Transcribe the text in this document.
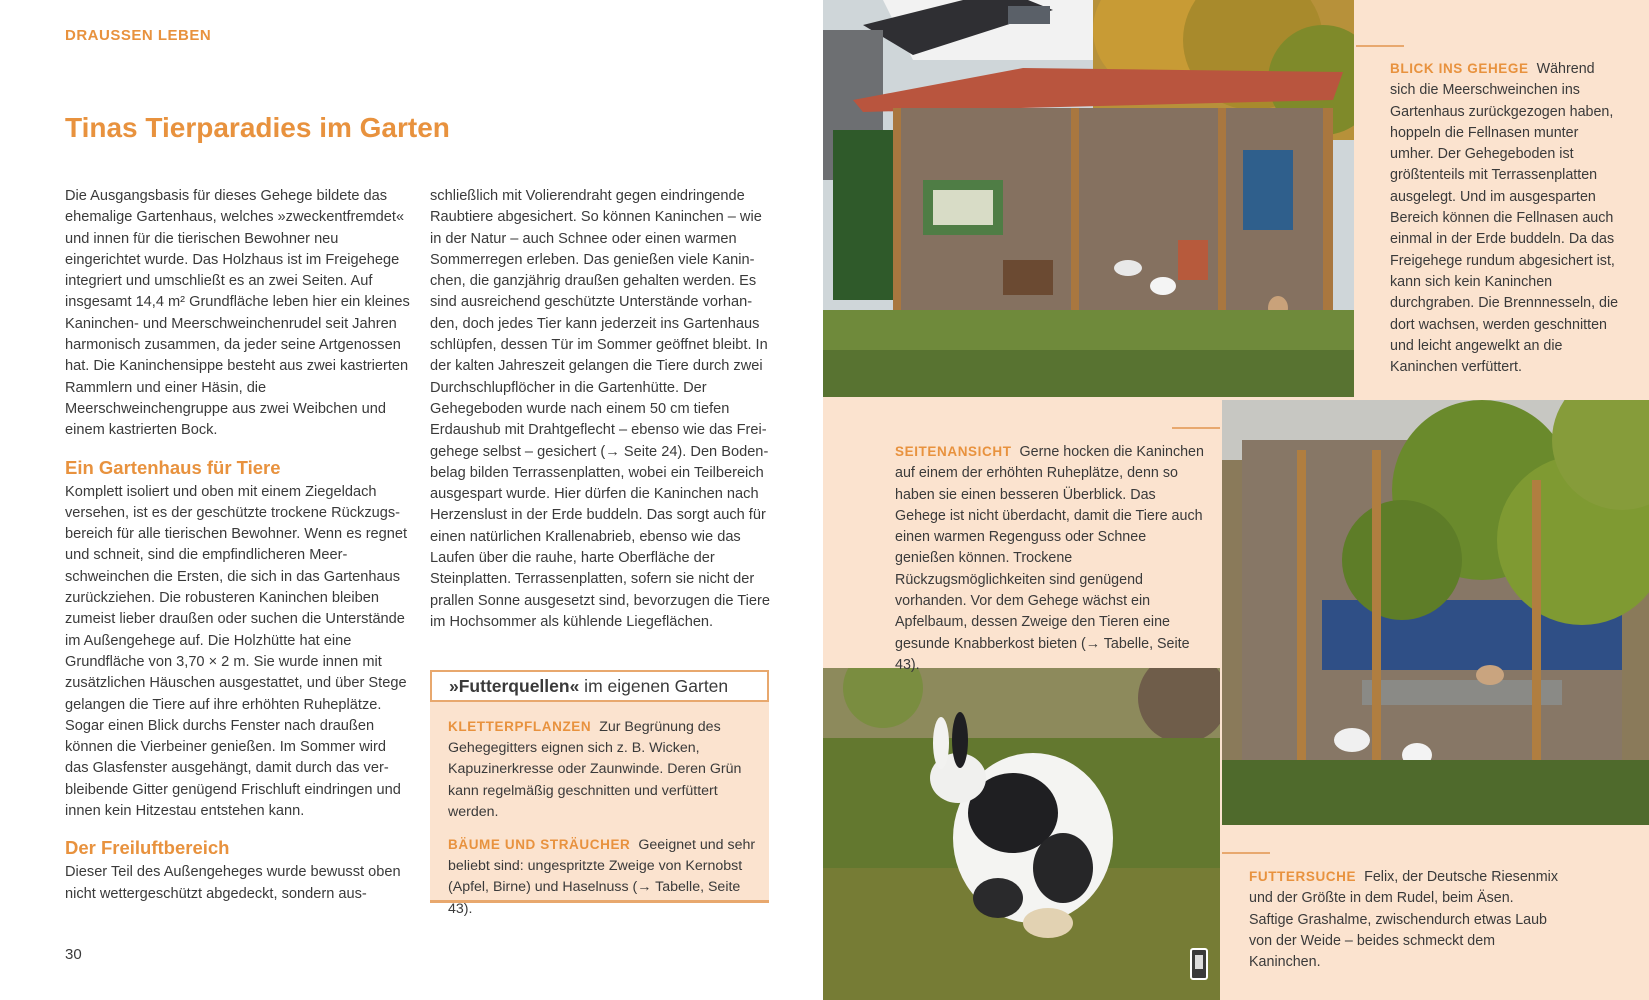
DRAUSSEN LEBEN
Tinas Tierparadies im Garten

Die Ausgangsbasis für dieses Gehege bildete das ehemalige Gartenhaus, welches »zweckentfremdet« und innen für die tierischen Bewohner neu eingerichtet wurde. Das Holzhaus ist im Freigehege integriert und umschließt es an zwei Seiten. Auf insgesamt 14,4 m² Grundfläche leben hier ein kleines Kaninchen- und Meerschweinchenrudel seit Jahren harmonisch zusammen, da jeder seine Artgenossen hat. Die Kaninchensippe besteht aus zwei kastrierten Rammlern und einer Häsin, die Meerschweinchengruppe aus zwei Weibchen und einem kastrierten Bock.

Ein Gartenhaus für Tiere

Komplett isoliert und oben mit einem Ziegeldach versehen, ist es der geschützte trockene Rückzugsbereich für alle tierischen Bewohner. Wenn es regnet und schneit, sind die empfindlicheren Meerschweinchen die Ersten, die sich in das Gartenhaus zurückziehen. Die robusteren Kaninchen bleiben zumeist lieber draußen oder suchen die Unterstände im Außengehege auf. Die Holzhütte hat eine Grundfläche von 3,70 × 2 m. Sie wurde innen mit zusätzlichen Häuschen ausgestattet, und über Stege gelangen die Tiere auf ihre erhöhten Ruheplätze. Sogar einen Blick durchs Fenster nach draußen können die Vierbeiner genießen. Im Sommer wird das Glasfenster ausgehängt, damit durch das verbleibende Gitter genügend Frischluft eindringen und innen kein Hitzestau entstehen kann.

Der Freiluftbereich

Dieser Teil des Außengeheges wurde bewusst oben nicht wettergeschützt abgedeckt, sondern aus-

schließlich mit Volierendraht gegen eindringende Raubtiere abgesichert. So können Kaninchen – wie in der Natur – auch Schnee oder einen warmen Sommerregen erleben. Das genießen viele Kaninchen, die ganzjährig draußen gehalten werden. Es sind ausreichend geschützte Unterstände vorhanden, doch jedes Tier kann jederzeit ins Gartenhaus schlüpfen, dessen Tür im Sommer geöffnet bleibt. In der kalten Jahreszeit gelangen die Tiere durch zwei Durchschlupflöcher in die Gartenhütte. Der Gehegeboden wurde nach einem 50 cm tiefen Erdaushub mit Drahtgeflecht – ebenso wie das Freigehege selbst – gesichert (→ Seite 24). Den Bodenbelag bilden Terrassenplatten, wobei ein Teilbereich ausgespart wurde. Hier dürfen die Kaninchen nach Herzenslust in der Erde buddeln. Das sorgt auch für einen natürlichen Krallenabrieb, ebenso wie das Laufen über die rauhe, harte Oberfläche der Steinplatten. Terrassenplatten, sofern sie nicht der prallen Sonne ausgesetzt sind, bevorzugen die Tiere im Hochsommer als kühlende Liegeflächen.

»Futterquellen« im eigenen Garten

KLETTERPFLANZEN Zur Begrünung des Gehegegitters eignen sich z. B. Wicken, Kapuzinerkresse oder Zaunwinde. Deren Grün kann regelmäßig geschnitten und verfüttert werden.

BÄUME UND STRÄUCHER Geeignet und sehr beliebt sind: ungespritzte Zweige von Kernobst (Apfel, Birne) und Haselnuss (→ Tabelle, Seite 43).

30
BLICK INS GEHEGE Während sich die Meerschweinchen ins Gartenhaus zurückgezogen haben, hoppeln die Fellnasen munter umher. Der Gehegeboden ist größtenteils mit Terrassenplatten ausgelegt. Und im ausgesparten Bereich können die Fellnasen auch einmal in der Erde buddeln. Da das Freigehege rundum abgesichert ist, kann sich kein Kaninchen durchgraben. Die Brennnesseln, die dort wachsen, werden geschnitten und leicht angewelkt an die Kaninchen verfüttert.
SEITENANSICHT Gerne hocken die Kaninchen auf einem der erhöhten Ruheplätze, denn so haben sie einen besseren Überblick. Das Gehege ist nicht überdacht, damit die Tiere auch einen warmen Regenguss oder Schnee genießen können. Trockene Rückzugsmöglichkeiten sind genügend vorhanden. Vor dem Gehege wächst ein Apfelbaum, dessen Zweige den Tieren eine gesunde Knabberkost bieten (→ Tabelle, Seite 43).
FUTTERSUCHE Felix, der Deutsche Riesenmix und der Größte in dem Rudel, beim Äsen. Saftige Grashalme, zwischendurch etwas Laub von der Weide – beides schmeckt dem Kaninchen.
